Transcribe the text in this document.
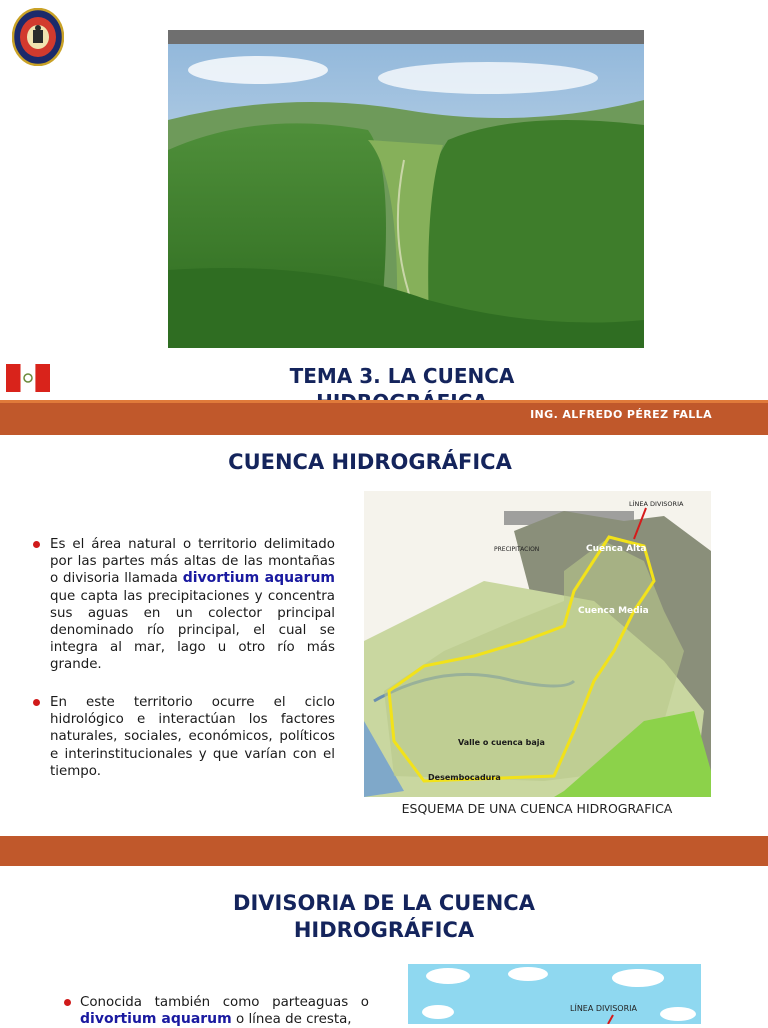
TEMA 3. LA CUENCA
ING. ALFREDO PÉREZ FALLA
CUENCA HIDROGRÁFICA
Es el área natural o territorio delimitado por las partes más altas de las montañas o divisoria llamada divortium aquarum que capta las precipitaciones y concentra sus aguas en un colector principal denominado río principal, el cual se integra al mar, lago u otro río más grande.
En este territorio ocurre el ciclo hidrológico e interactúan los factores naturales, sociales, económicos, políticos e interinstitucionales y que varían con el tiempo.
LÍNEA DIVISORIA
PRECIPITACION	Cuenca Alta
Cuenca Media
Valle o cuenca baja
Desembocadura
ESQUEMA DE UNA CUENCA HIDROGRAFICA
DIVISORIA DE LA CUENCA HIDROGRÁFICA
Conocida también como parteaguas o divortium aquarum o línea de cresta,
LÍNEA DIVISORIA
